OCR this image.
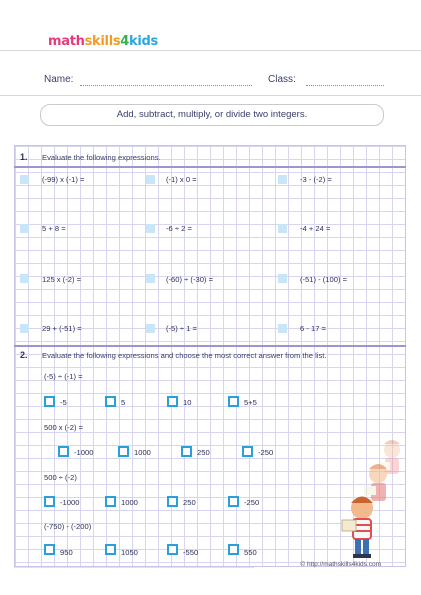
mathskills4kids
Name:	Class:
Add, subtract, multiply, or divide two integers.
1. Evaluate the following expressions.
(-99) x (-1) =	(-1) x 0 =	-3 - (-2) =
5 + 8 =	-6 ÷ 2 =	-4 + 24 =
125 x (-2) =	(-60) ÷ (-30) =	(-51) - (100) =
29 + (-51) =	(-5) ÷ 1 =	6 - 17 =
2. Evaluate the following expressions and choose the most correct answer from the list.
(-5) ÷ (-1) =
-5	5	10	5+5
500 x (-2) =
-1000	1000	250	-250
500 ÷ (-2)
-1000	1000	250	-250
(-750) - (-200)
950	1050	-550	550
© http://mathskills4kids.com
